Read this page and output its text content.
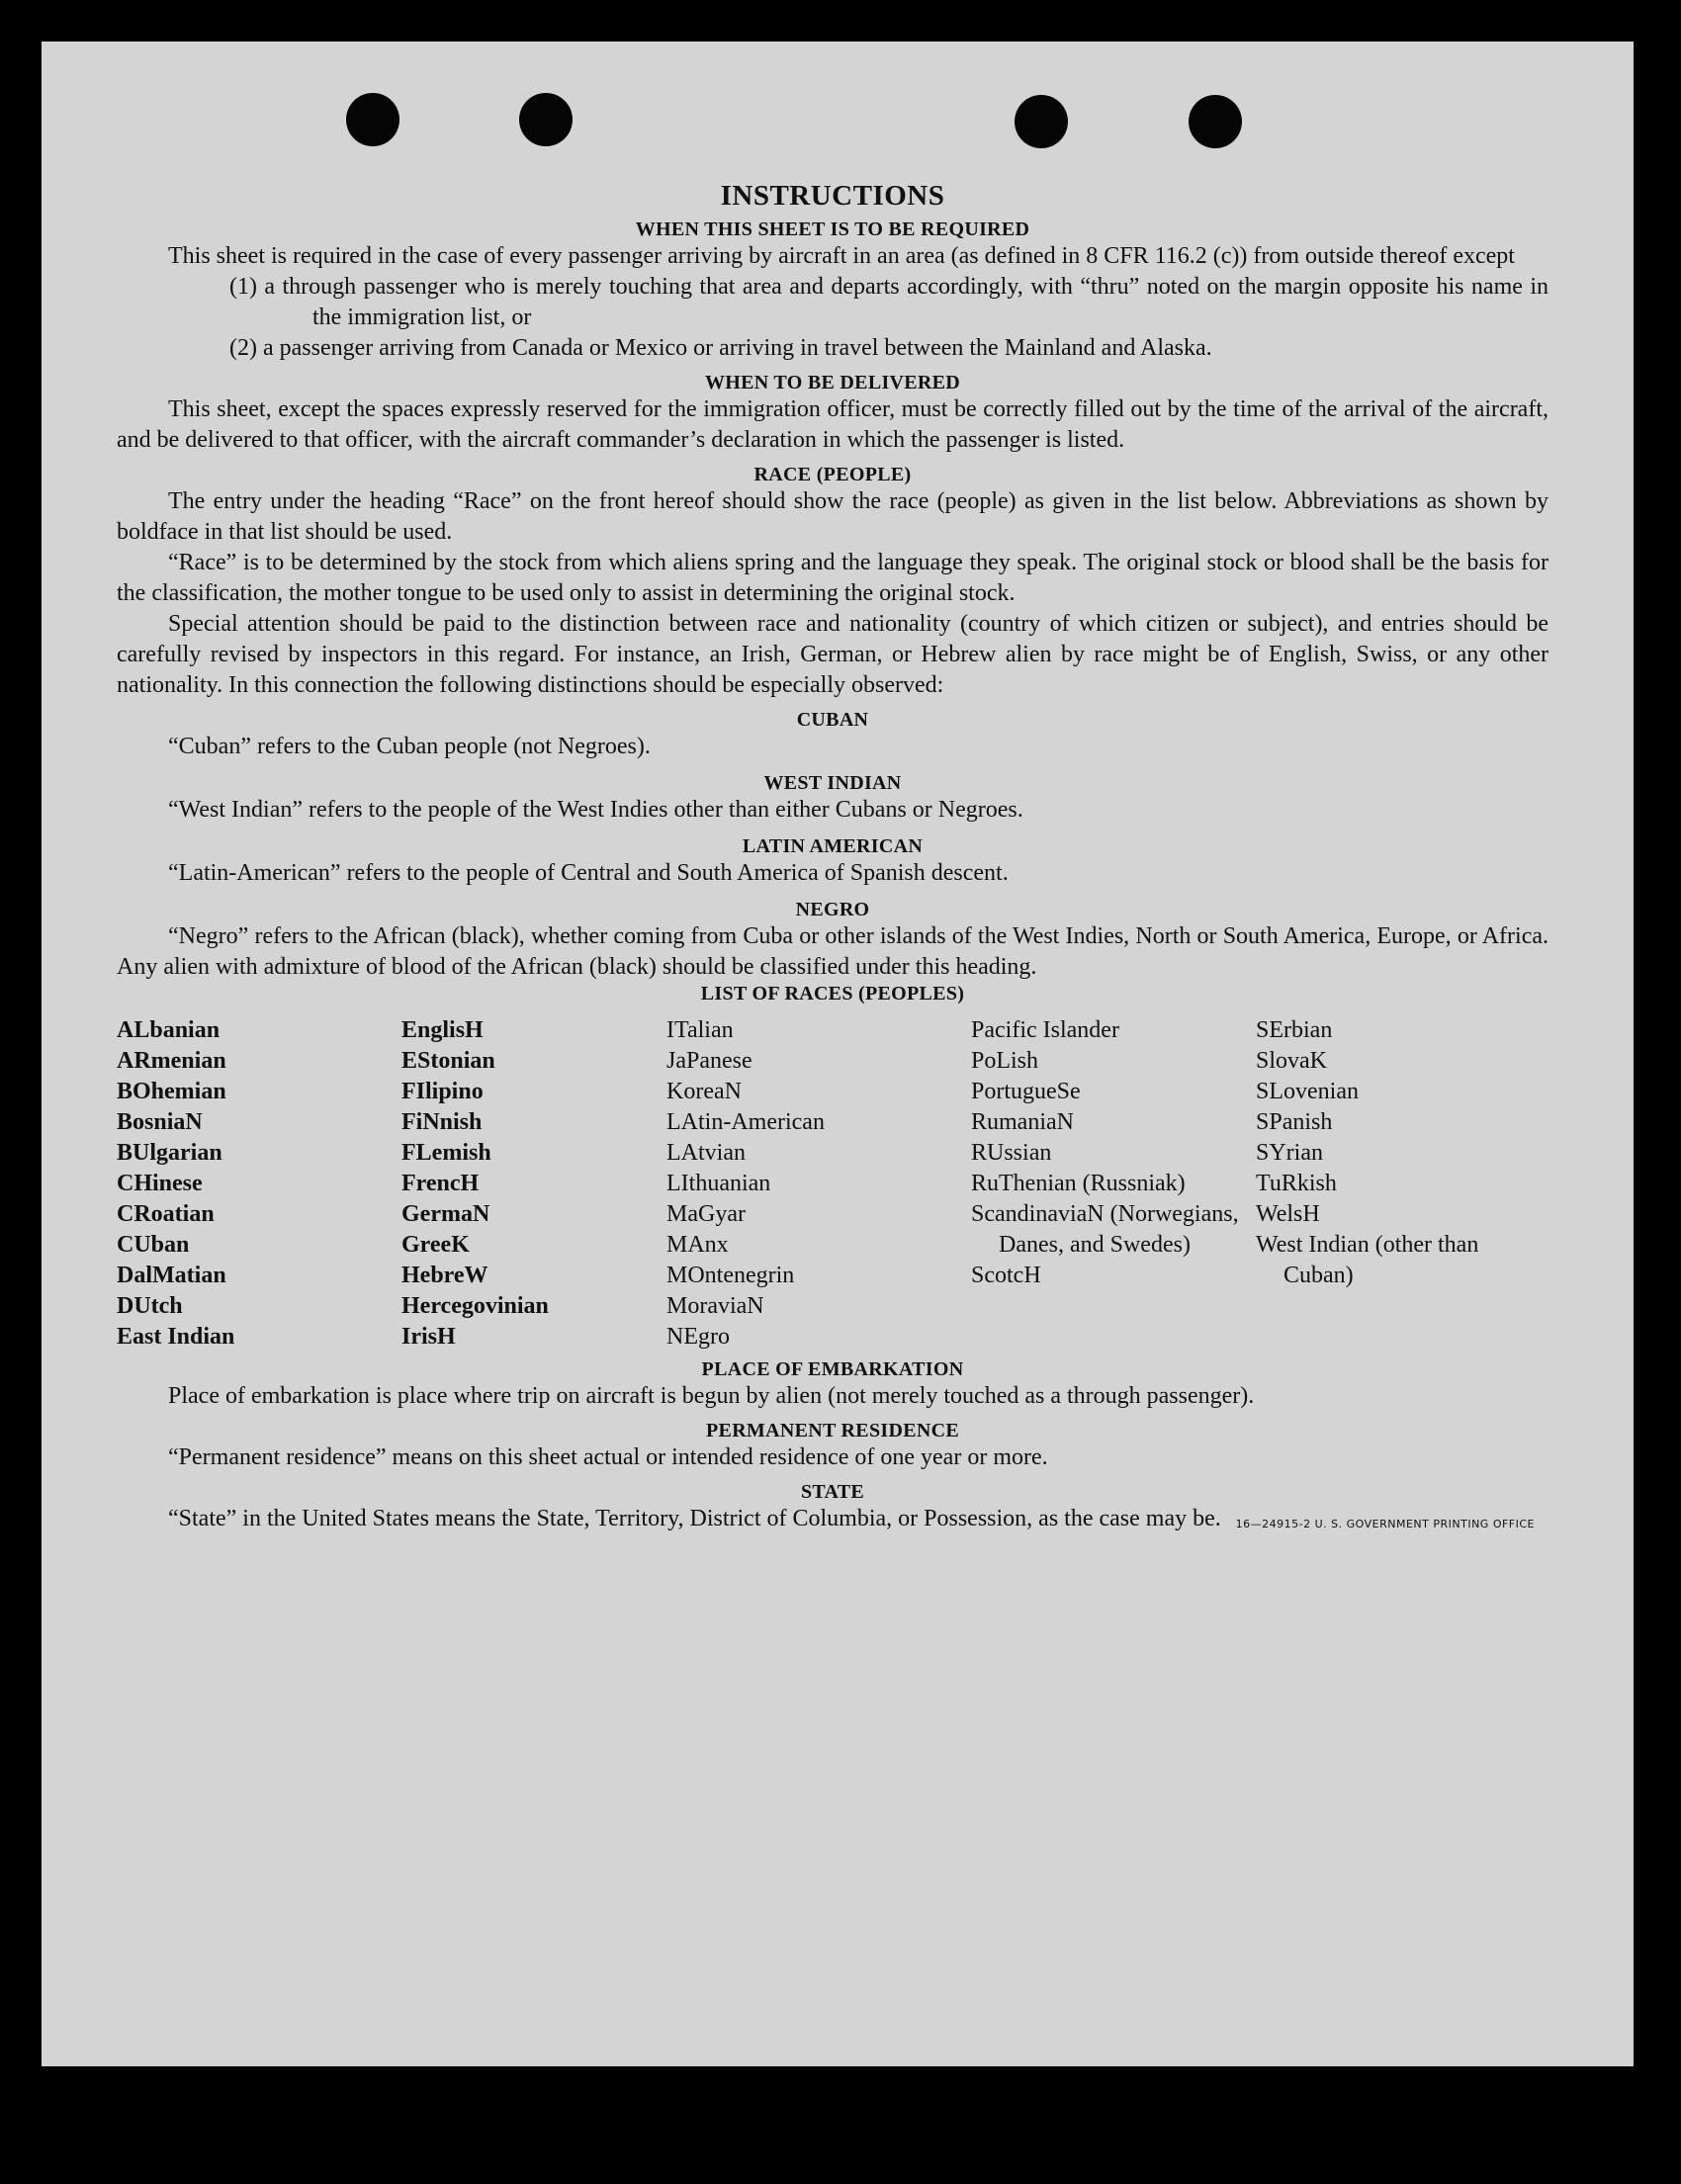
INSTRUCTIONS
WHEN THIS SHEET IS TO BE REQUIRED

This sheet is required in the case of every passenger arriving by aircraft in an area (as defined in 8 CFR 116.2 (c)) from outside thereof except

(1) a through passenger who is merely touching that area and departs accordingly, with “thru” noted on the margin opposite his name in the immigration list, or

(2) a passenger arriving from Canada or Mexico or arriving in travel between the Mainland and Alaska.

WHEN TO BE DELIVERED

This sheet, except the spaces expressly reserved for the immigration officer, must be correctly filled out by the time of the arrival of the aircraft, and be delivered to that officer, with the aircraft commander’s declaration in which the passenger is listed.

RACE (PEOPLE)

The entry under the heading “Race” on the front hereof should show the race (people) as given in the list below. Abbreviations as shown by boldface in that list should be used.

“Race” is to be determined by the stock from which aliens spring and the language they speak. The original stock or blood shall be the basis for the classification, the mother tongue to be used only to assist in determining the original stock.

Special attention should be paid to the distinction between race and nationality (country of which citizen or subject), and entries should be carefully revised by inspectors in this regard. For instance, an Irish, German, or Hebrew alien by race might be of English, Swiss, or any other nationality. In this connection the following distinctions should be especially observed:

CUBAN

“Cuban” refers to the Cuban people (not Negroes).

WEST INDIAN

“West Indian” refers to the people of the West Indies other than either Cubans or Negroes.

LATIN AMERICAN

“Latin-American” refers to the people of Central and South America of Spanish descent.

NEGRO

“Negro” refers to the African (black), whether coming from Cuba or other islands of the West Indies, North or South America, Europe, or Africa. Any alien with admixture of blood of the African (black) should be classified under this heading.

LIST OF RACES (PEOPLES)
ALbanian
ARmenian
BOhemian
BosniaN
BUlgarian
CHinese
CRoatian
CUban
DalMatian
DUtch
East Indian
EnglisH
EStonian
FIlipino
FiNnish
FLemish
FrencH
GermaN
GreeK
HebreW
Hercegovinian
IrisH
ITalian
JaPanese
KoreaN
LAtin-American
LAtvian
LIthuanian
MaGyar
MAnx
MOntenegrin
MoraviaN
NEgro
Pacific Islander
PoLish
PortugueSe
RumaniaN
RUssian
RuThenian (Russniak)
ScandinaviaN (Norwegians, Danes, and Swedes)
ScotcH
SErbian
SlovaK
SLovenian
SPanish
SYrian
TuRkish
WelsH
West Indian (other than Cuban)
PLACE OF EMBARKATION

Place of embarkation is place where trip on aircraft is begun by alien (not merely touched as a through passenger).

PERMANENT RESIDENCE

“Permanent residence” means on this sheet actual or intended residence of one year or more.

STATE

“State” in the United States means the State, Territory, District of Columbia, or Possession, as the case may be.	16—24915-2 U. S. GOVERNMENT PRINTING OFFICE
